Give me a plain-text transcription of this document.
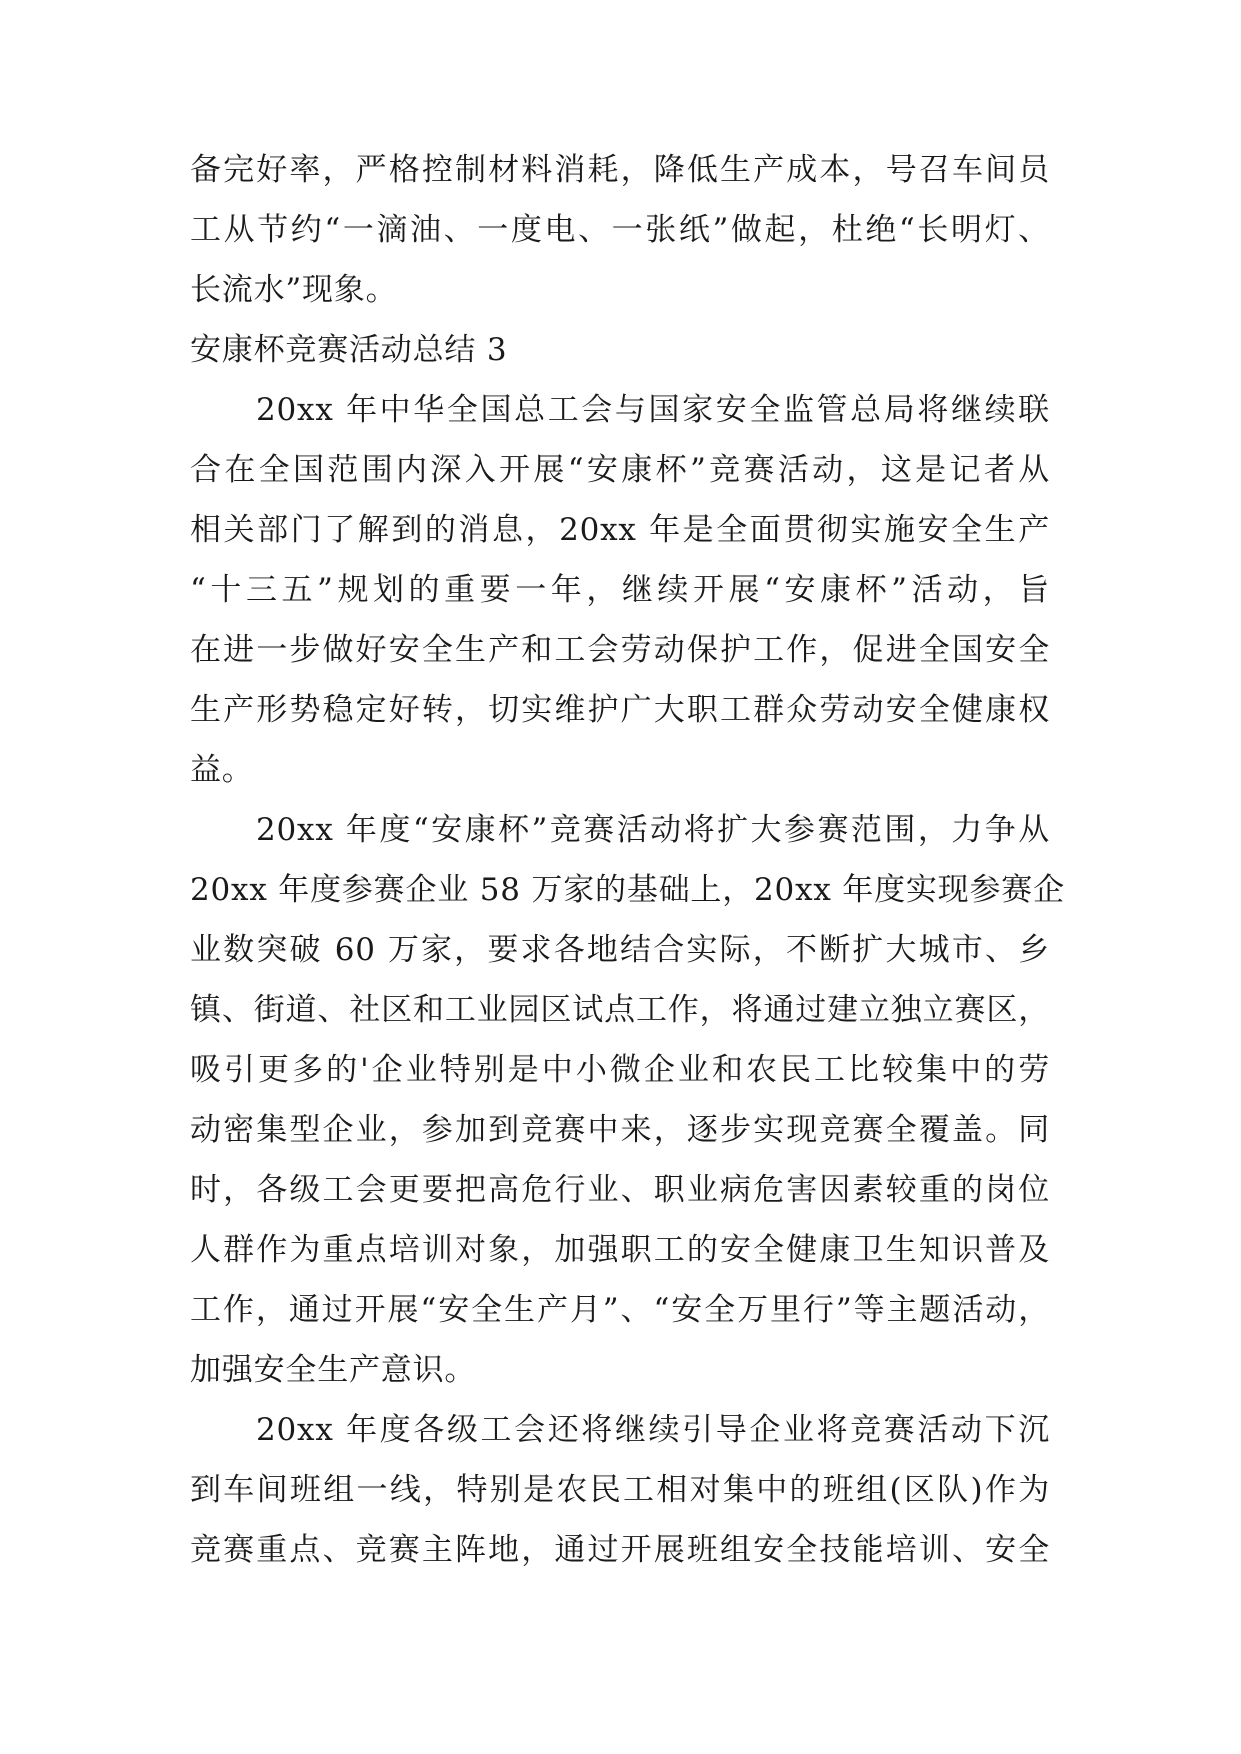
备完好率，严格控制材料消耗，降低生产成本，号召车间员
工从节约“一滴油、一度电、一张纸”做起，杜绝“长明灯、
长流水”现象。
安康杯竞赛活动总结 3
20xx 年中华全国总工会与国家安全监管总局将继续联
合在全国范围内深入开展“安康杯”竞赛活动，这是记者从
相关部门了解到的消息，20xx 年是全面贯彻实施安全生产
“十三五”规划的重要一年，继续开展“安康杯”活动，旨
在进一步做好安全生产和工会劳动保护工作，促进全国安全
生产形势稳定好转，切实维护广大职工群众劳动安全健康权
益。
20xx 年度“安康杯”竞赛活动将扩大参赛范围，力争从
20xx 年度参赛企业 58 万家的基础上，20xx 年度实现参赛企
业数突破 60 万家，要求各地结合实际，不断扩大城市、乡
镇、街道、社区和工业园区试点工作，将通过建立独立赛区，
吸引更多的'企业特别是中小微企业和农民工比较集中的劳
动密集型企业，参加到竞赛中来，逐步实现竞赛全覆盖。同
时，各级工会更要把高危行业、职业病危害因素较重的岗位
人群作为重点培训对象，加强职工的安全健康卫生知识普及
工作，通过开展“安全生产月”、“安全万里行”等主题活动，
加强安全生产意识。
20xx 年度各级工会还将继续引导企业将竞赛活动下沉
到车间班组一线，特别是农民工相对集中的班组(区队)作为
竞赛重点、竞赛主阵地，通过开展班组安全技能培训、安全
